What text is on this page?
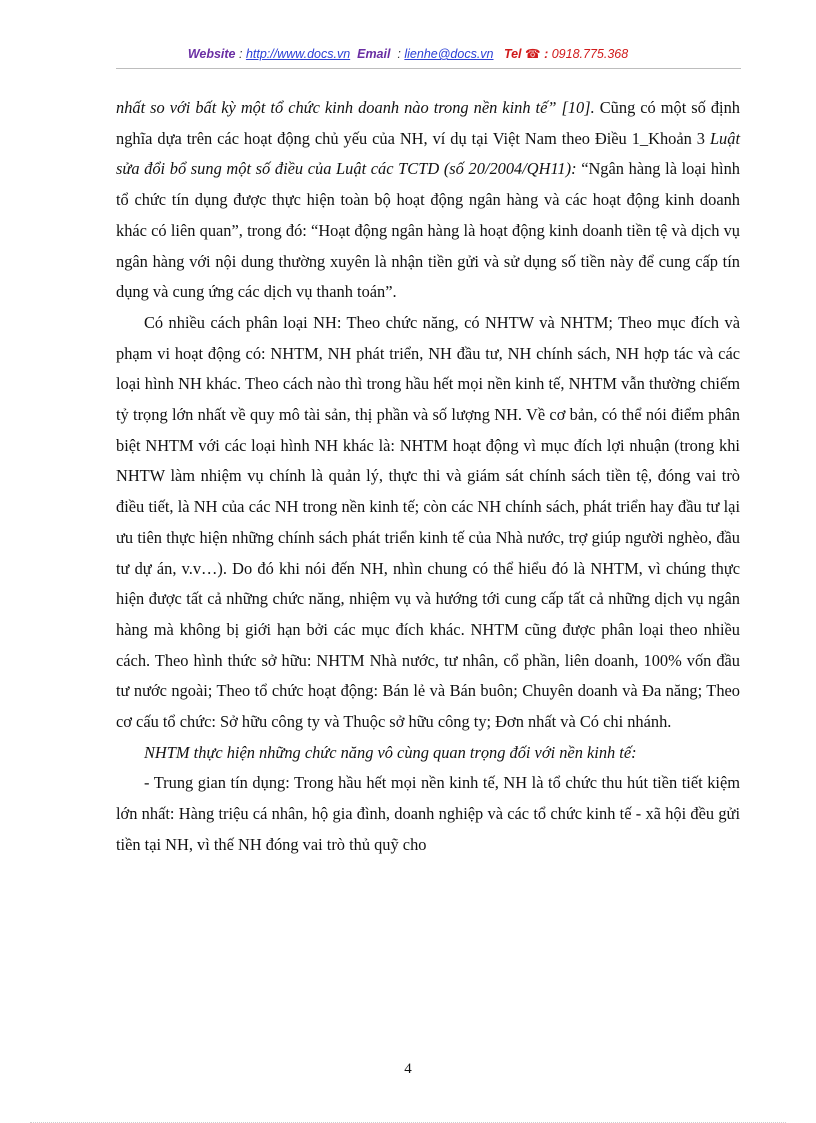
Website : http://www.docs.vn Email  : lienhe@docs.vn Tel ☎ : 0918.775.368

nhất so với bất kỳ một tổ chức kinh doanh nào trong nền kinh tế” [10]. Cũng có một số định nghĩa dựa trên các hoạt động chủ yếu của NH, ví dụ tại Việt Nam theo Điều 1_Khoản 3 Luật sửa đổi bổ sung một số điều của Luật các TCTD (số 20/2004/QH11): “Ngân hàng là loại hình tổ chức tín dụng được thực hiện toàn bộ hoạt động ngân hàng và các hoạt động kinh doanh khác có liên quan”, trong đó: “Hoạt động ngân hàng là hoạt động kinh doanh tiền tệ và dịch vụ ngân hàng với nội dung thường xuyên là nhận tiền gửi và sử dụng số tiền này để cung cấp tín dụng và cung ứng các dịch vụ thanh toán”.

Có nhiều cách phân loại NH: Theo chức năng, có NHTW và NHTM; Theo mục đích và phạm vi hoạt động có: NHTM, NH phát triển, NH đầu tư, NH chính sách, NH hợp tác và các loại hình NH khác. Theo cách nào thì trong hầu hết mọi nền kinh tế, NHTM vẫn thường chiếm tỷ trọng lớn nhất về quy mô tài sản, thị phần và số lượng NH. Về cơ bản, có thể nói điểm phân biệt NHTM với các loại hình NH khác là: NHTM hoạt động vì mục đích lợi nhuận (trong khi NHTW làm nhiệm vụ chính là quản lý, thực thi và giám sát chính sách tiền tệ, đóng vai trò điều tiết, là NH của các NH trong nền kinh tế; còn các NH chính sách, phát triển hay đầu tư lại ưu tiên thực hiện những chính sách phát triển kinh tế của Nhà nước, trợ giúp người nghèo, đầu tư dự án, v.v…). Do đó khi nói đến NH, nhìn chung có thể hiểu đó là NHTM, vì chúng thực hiện được tất cả những chức năng, nhiệm vụ và hướng tới cung cấp tất cả những dịch vụ ngân hàng mà không bị giới hạn bởi các mục đích khác. NHTM cũng được phân loại theo nhiều cách. Theo hình thức sở hữu: NHTM Nhà nước, tư nhân, cổ phần, liên doanh, 100% vốn đầu tư nước ngoài; Theo tổ chức hoạt động: Bán lẻ và Bán buôn; Chuyên doanh và Đa năng; Theo cơ cấu tổ chức: Sở hữu công ty và Thuộc sở hữu công ty; Đơn nhất và Có chi nhánh.

NHTM thực hiện những chức năng vô cùng quan trọng đối với nền kinh tế:

- Trung gian tín dụng: Trong hầu hết mọi nền kinh tế, NH là tổ chức thu hút tiền tiết kiệm lớn nhất: Hàng triệu cá nhân, hộ gia đình, doanh nghiệp và các tổ chức kinh tế - xã hội đều gửi tiền tại NH, vì thế NH đóng vai trò thủ quỹ cho

4
